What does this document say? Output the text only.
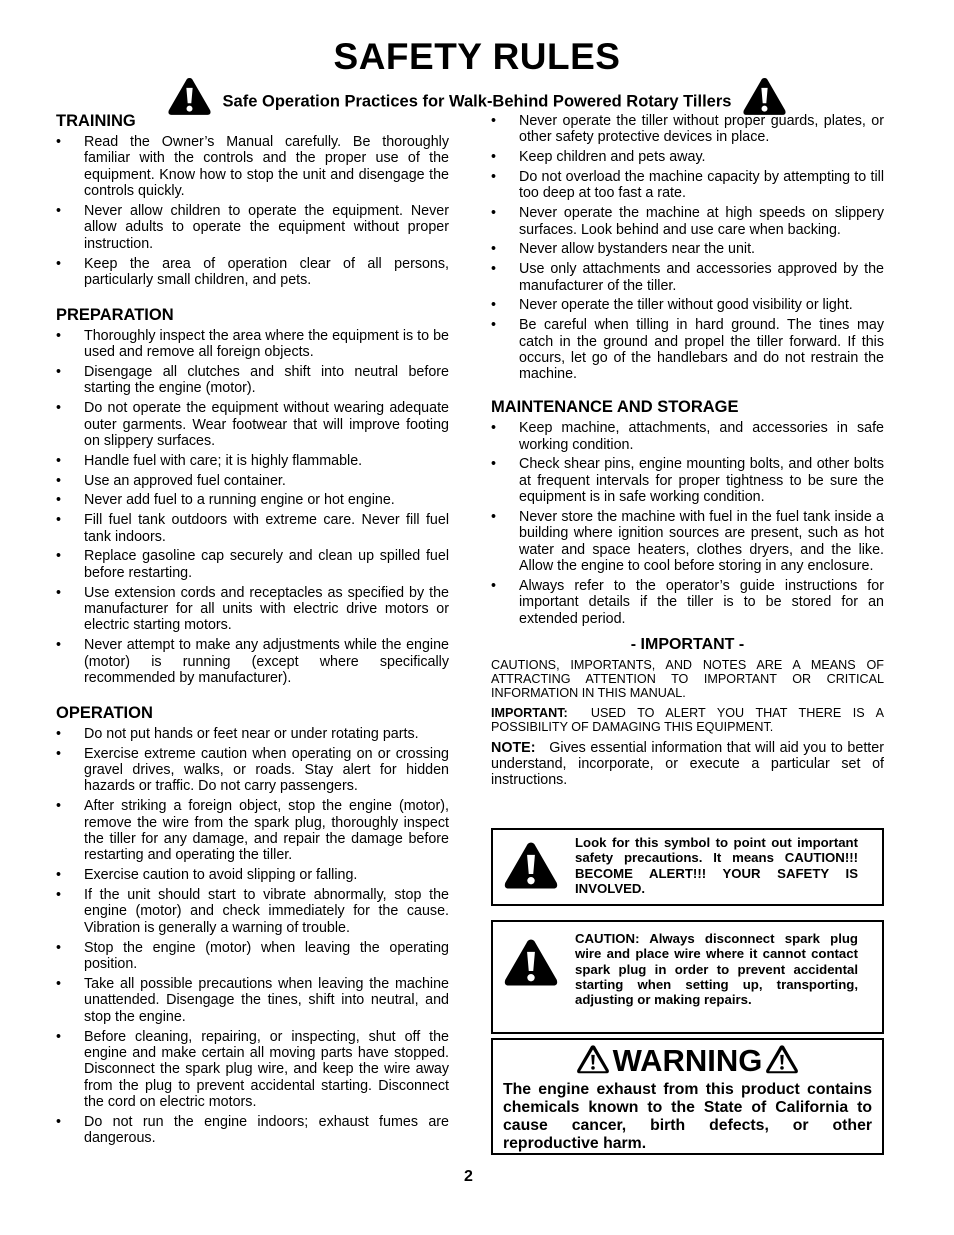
SAFETY RULES
Safe Operation Practices for Walk-Behind Powered Rotary Tillers
TRAINING
• Read the Owner’s Manual carefully. Be thoroughly familiar with the controls and the proper use of the equipment. Know how to stop the unit and disengage the controls quickly.
• Never allow children to operate the equipment. Never allow adults to operate the equipment without proper instruction.
• Keep the area of operation clear of all persons, particularly small children, and pets.
PREPARATION
• Thoroughly inspect the area where the equipment is to be used and remove all foreign objects.
• Disengage all clutches and shift into neutral before starting the engine (motor).
• Do not operate the equipment without wearing adequate outer garments. Wear footwear that will improve footing on slippery surfaces.
• Handle fuel with care; it is highly flammable.
• Use an approved fuel container.
• Never add fuel to a running engine or hot engine.
• Fill fuel tank outdoors with extreme care. Never fill fuel tank indoors.
• Replace gasoline cap securely and clean up spilled fuel before restarting.
• Use extension cords and receptacles as specified by the manufacturer for all units with electric drive motors or electric starting motors.
• Never attempt to make any adjustments while the engine (motor) is running (except where specifically recommended by manufacturer).
OPERATION
• Do not put hands or feet near or under rotating parts.
• Exercise extreme caution when operating on or crossing gravel drives, walks, or roads. Stay alert for hidden hazards or traffic. Do not carry passengers.
• After striking a foreign object, stop the engine (motor), remove the wire from the spark plug, thoroughly inspect the tiller for any damage, and repair the damage before restarting and operating the tiller.
• Exercise caution to avoid slipping or falling.
• If the unit should start to vibrate abnormally, stop the engine (motor) and check immediately for the cause. Vibration is generally a warning of trouble.
• Stop the engine (motor) when leaving the operating position.
• Take all possible precautions when leaving the machine unattended. Disengage the tines, shift into neutral, and stop the engine.
• Before cleaning, repairing, or inspecting, shut off the engine and make certain all moving parts have stopped. Disconnect the spark plug wire, and keep the wire away from the plug to prevent accidental starting. Disconnect the cord on electric motors.
• Do not run the engine indoors; exhaust fumes are dangerous.
• Never operate the tiller without proper guards, plates, or other safety protective devices in place.
• Keep children and pets away.
• Do not overload the machine capacity by attempting to till too deep at too fast a rate.
• Never operate the machine at high speeds on slippery surfaces. Look behind and use care when backing.
• Never allow bystanders near the unit.
• Use only attachments and accessories approved by the manufacturer of the tiller.
• Never operate the tiller without good visibility or light.
• Be careful when tilling in hard ground. The tines may catch in the ground and propel the tiller forward. If this occurs, let go of the handlebars and do not restrain the machine.
MAINTENANCE AND STORAGE
• Keep machine, attachments, and accessories in safe working condition.
• Check shear pins, engine mounting bolts, and other bolts at frequent intervals for proper tightness to be sure the equipment is in safe working condition.
• Never store the machine with fuel in the fuel tank inside a building where ignition sources are present, such as hot water and space heaters, clothes dryers, and the like. Allow the engine to cool before storing in any enclosure.
• Always refer to the operator’s guide instructions for important details if the tiller is to be stored for an extended period.
- IMPORTANT -

CAUTIONS, IMPORTANTS, AND NOTES ARE A MEANS OF ATTRACTING ATTENTION TO IMPORTANT OR CRITICAL INFORMATION IN THIS MANUAL.

IMPORTANT: USED TO ALERT YOU THAT THERE IS A POSSIBILITY OF DAMAGING THIS EQUIPMENT.

NOTE: Gives essential information that will aid you to better understand, incorporate, or execute a particular set of instructions.

Look for this symbol to point out important safety precautions. It means CAUTION!!! BECOME ALERT!!! YOUR SAFETY IS INVOLVED.
CAUTION: Always disconnect spark plug wire and place wire where it cannot contact spark plug in order to prevent accidental starting when setting up, transporting, adjusting or making repairs.
WARNING
The engine exhaust from this product contains chemicals known to the State of California to cause cancer, birth defects, or other reproductive harm.
2
